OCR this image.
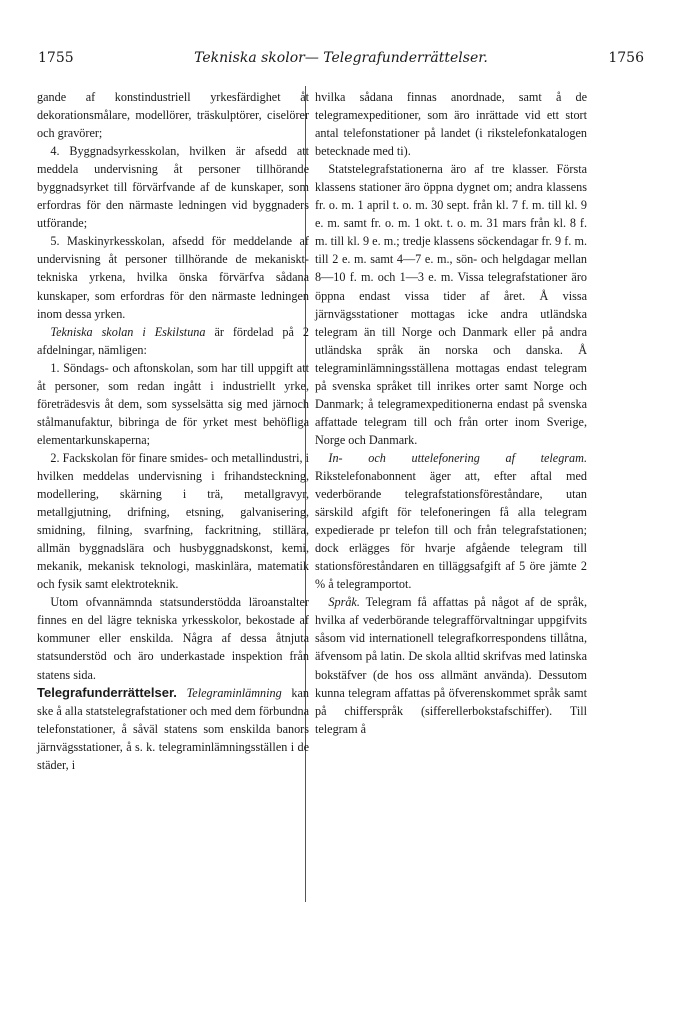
1755	Tekniska skolor— Telegrafunderrättelser.	1756

gande af konstindustriell yrkesfärdighet åt dekorationsmålare, modellörer, träskulptörer, ciselörer och gravörer;

4. Byggnadsyrkesskolan, hvilken är afsedd att meddela undervisning åt personer tillhörande byggnadsyrket till förvärfvande af de kunskaper, som erfordras för den närmaste ledningen vid byggnaders utförande;

5. Maskinyrkesskolan, afsedd för meddelande af undervisning åt personer tillhörande de mekaniskt-tekniska yrkena, hvilka önska förvärfva sådana kunskaper, som erfordras för den närmaste ledningen inom dessa yrken.

Tekniska skolan i Eskilstuna är fördelad på 2 afdelningar, nämligen:

1. Söndags- och aftonskolan, som har till uppgift att åt personer, som redan ingått i industriellt yrke, företrädesvis åt dem, som sysselsätta sig med järnoch stålmanufaktur, bibringa de för yrket mest behöfliga elementarkunskaperna;

2. Fackskolan för finare smides- och metallindustri, i hvilken meddelas undervisning i frihandsteckning, modellering, skärning i trä, metallgravyr, metallgjutning, drifning, etsning, galvanisering, smidning, filning, svarfning, fackritning, stillära, allmän byggnadslära och husbyggnadskonst, kemi, mekanik, mekanisk teknologi, maskinlära, matematik och fysik samt elektroteknik.

Utom ofvannämnda statsunderstödda läroanstalter finnes en del lägre tekniska yrkesskolor, bekostade af kommuner eller enskilda. Några af dessa åtnjuta statsunderstöd och äro underkastade inspektion från statens sida.

Telegrafunderrättelser. Telegraminlämning kan ske å alla statstelegrafstationer och med dem förbundna telefonstationer, å såväl statens som enskilda banors järnvägsstationer, å s. k. telegraminlämningsställen i de städer, i

hvilka sådana finnas anordnade, samt å de telegramexpeditioner, som äro inrättade vid ett stort antal telefonstationer på landet (i rikstelefonkatalogen betecknade med ti).

Statstelegrafstationerna äro af tre klasser. Första klassens stationer äro öppna dygnet om; andra klassens fr. o. m. 1 april t. o. m. 30 sept. från kl. 7 f. m. till kl. 9 e. m. samt fr. o. m. 1 okt. t. o. m. 31 mars från kl. 8 f. m. till kl. 9 e. m.; tredje klassens söckendagar fr. 9 f. m. till 2 e. m. samt 4—7 e. m., sön- och helgdagar mellan 8—10 f. m. och 1—3 e. m. Vissa telegrafstationer äro öppna endast vissa tider af året. Å vissa järnvägsstationer mottagas icke andra utländska telegram än till Norge och Danmark eller på andra utländska språk än norska och danska. Å telegraminlämningsställena mottagas endast telegram på svenska språket till inrikes orter samt Norge och Danmark; å telegramexpeditionerna endast på svenska affattade telegram till och från orter inom Sverige, Norge och Danmark.

In- och uttelefonering af telegram. Rikstelefonabonnent äger att, efter aftal med vederbörande telegrafstationsföreståndare, utan särskild afgift för telefoneringen få alla telegram expedierade pr telefon till och från telegrafstationen; dock erlägges för hvarje afgående telegram till stationsföreståndaren en tilläggsafgift af 5 öre jämte 2 % å telegramportot.

Språk. Telegram få affattas på något af de språk, hvilka af vederbörande telegrafförvaltningar uppgifvits såsom vid internationell telegrafkorrespondens tillåtna, äfvensom på latin. De skola alltid skrifvas med latinska bokstäfver (de hos oss allmänt använda). Dessutom kunna telegram affattas på öfverenskommet språk samt på chifferspråk (sifferellerbokstafschiffer). Till telegram å
